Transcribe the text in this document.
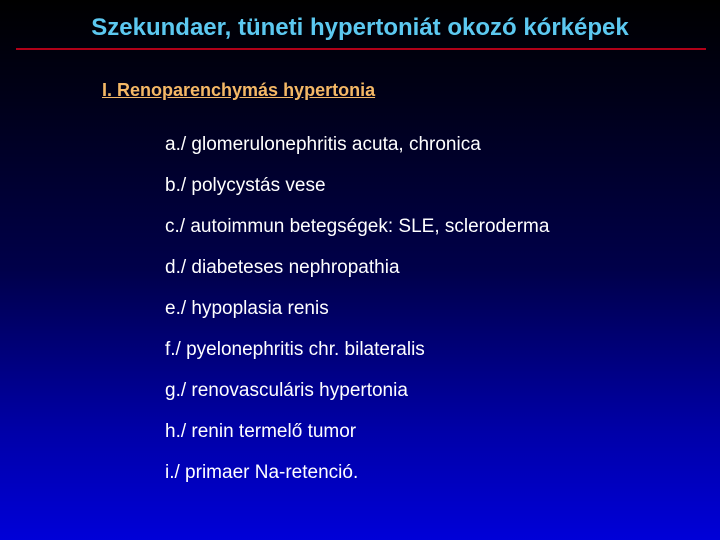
Szekundaer, tüneti hypertoniát okozó kórképek
I. Renoparenchymás hypertonia
a./ glomerulonephritis acuta, chronica
b./ polycystás vese
c./ autoimmun betegségek: SLE, scleroderma
d./ diabeteses nephropathia
e./ hypoplasia renis
f./ pyelonephritis chr. bilateralis
g./ renovasculáris hypertonia
h./ renin termelő tumor
i./ primaer Na-retenció.
